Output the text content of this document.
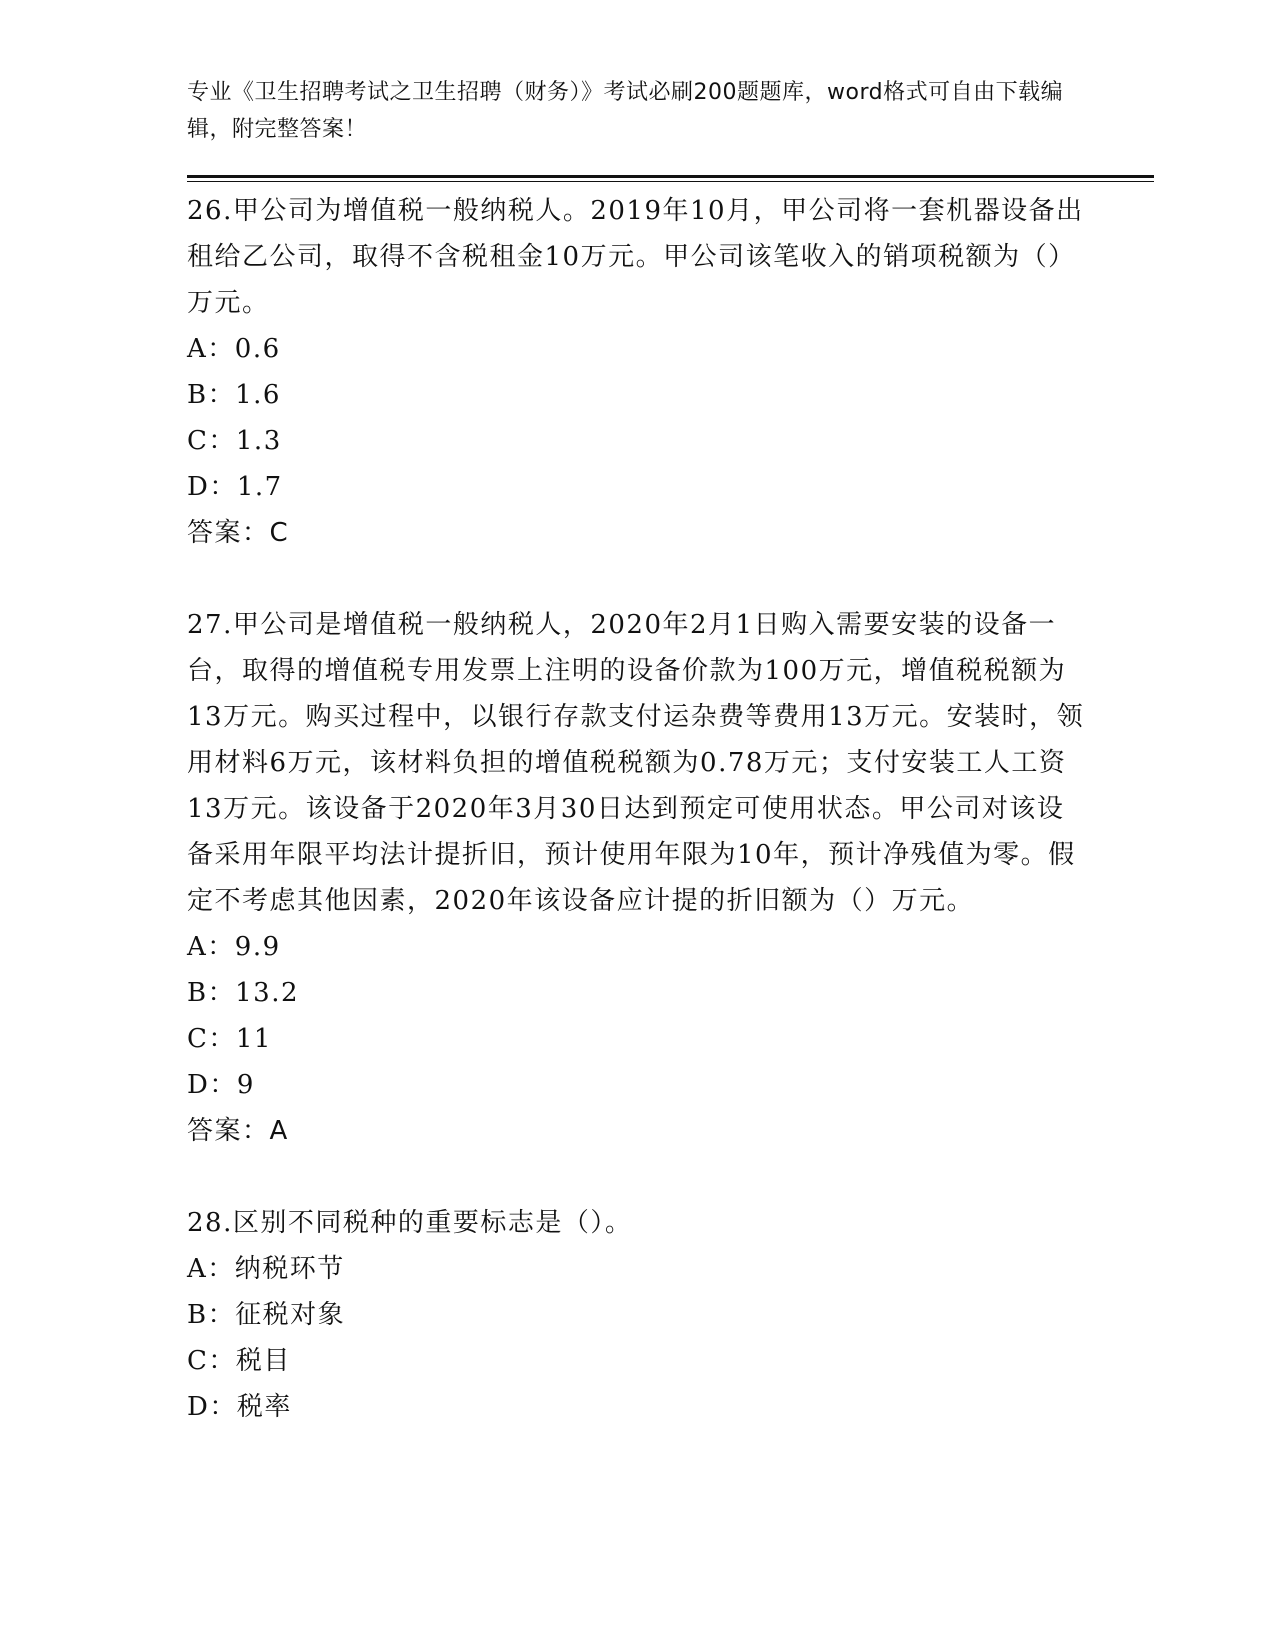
专业《卫生招聘考试之卫生招聘（财务）》考试必刷200题题库，word格式可自由下载编辑，附完整答案！

26.甲公司为增值税一般纳税人。2019年10月，甲公司将一套机器设备出租给乙公司，取得不含税租金10万元。甲公司该笔收入的销项税额为（）万元。

A：0.6

B：1.6

C：1.3

D：1.7

答案：C

27.甲公司是增值税一般纳税人，2020年2月1日购入需要安装的设备一台，取得的增值税专用发票上注明的设备价款为100万元，增值税税额为13万元。购买过程中，以银行存款支付运杂费等费用13万元。安装时，领用材料6万元，该材料负担的增值税税额为0.78万元；支付安装工人工资13万元。该设备于2020年3月30日达到预定可使用状态。甲公司对该设备采用年限平均法计提折旧，预计使用年限为10年，预计净残值为零。假定不考虑其他因素，2020年该设备应计提的折旧额为（）万元。

A：9.9

B：13.2

C：11

D：9

答案：A

28.区别不同税种的重要标志是（）。

A：纳税环节

B：征税对象

C：税目

D：税率
